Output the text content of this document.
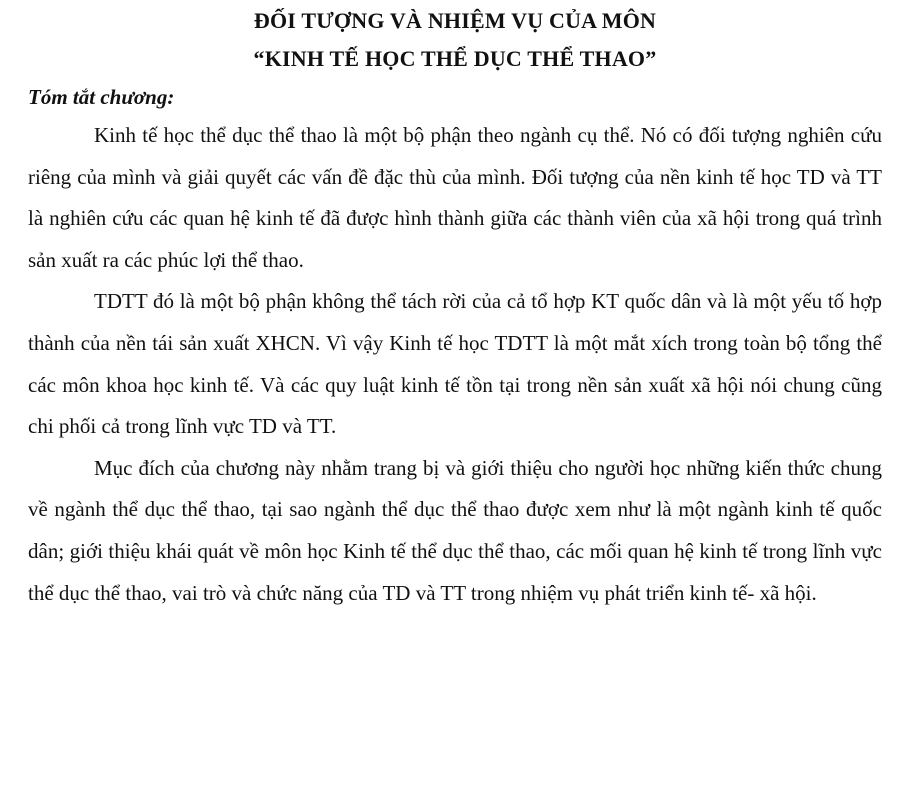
ĐỐI TƯỢNG VÀ NHIỆM VỤ CỦA MÔN
“KINH TẾ HỌC THỂ DỤC THỂ THAO”

Tóm tắt chương:

Kinh tế học thể dục thể thao là một bộ phận theo ngành cụ thể. Nó có đối tượng nghiên cứu riêng của mình và giải quyết các vấn đề đặc thù của mình. Đối tượng của nền kinh tế học TD và TT là nghiên cứu các quan hệ kinh tế đã được hình thành giữa các thành viên của xã hội trong quá trình sản xuất ra các phúc lợi thể thao.

TDTT đó là một bộ phận không thể tách rời của cả tổ hợp KT quốc dân và là một yếu tố hợp thành của nền tái sản xuất XHCN. Vì vậy Kinh tế học TDTT là một mắt xích trong toàn bộ tổng thể các môn khoa học kinh tế. Và các quy luật kinh tế tồn tại trong nền sản xuất xã hội nói chung cũng chi phối cả trong lĩnh vực TD và TT.

Mục đích của chương này nhằm trang bị và giới thiệu cho người học những kiến thức chung về ngành thể dục thể thao, tại sao ngành thể dục thể thao được xem như là một ngành kinh tế quốc dân; giới thiệu khái quát về môn học Kinh tế thể dục thể thao, các mối quan hệ kinh tế trong lĩnh vực thể dục thể thao, vai trò và chức năng của TD và TT trong nhiệm vụ phát triển kinh tế- xã hội.
